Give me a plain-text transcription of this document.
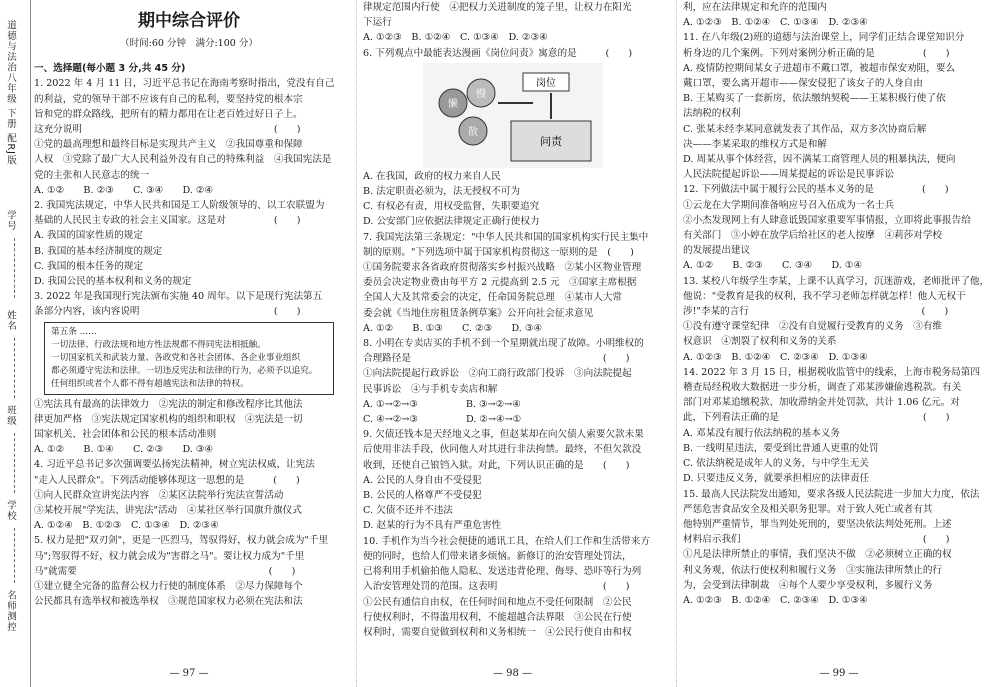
道德与法治八年级 下册 配RJ版
学号
姓名
班级
学校
名师测控
期中综合评价
（时间:60 分钟　满分:100 分）
一、选择题(每小题 3 分,共 45 分)
1. 2022 年 4 月 11 日，习近平总书记在海南考察时指出，党没有自己
的利益，党的领导干部不应该有自己的私利，要坚持党的根本宗
旨和党的群众路线，把所有的精力都用在让老百姓过好日子上。
这充分说明　　　　　　　　　　　　　　　　　　　　(　　)
①党的最高理想和最终目标是实现共产主义　②我国尊重和保障
人权　③党除了最广大人民利益外没有自己的特殊利益　④我国宪法是
党的主张和人民意志的统一
A. ①②　　B. ②③　　C. ③④　　D. ②④
2. 我国宪法规定，中华人民共和国是工人阶级领导的、以工农联盟为
基础的人民民主专政的社会主义国家。这是对　　　　　(　　)
A. 我国的国家性质的规定
B. 我国的基本经济制度的规定
C. 我国的根本任务的规定
D. 我国公民的基本权利和义务的规定
3. 2022 年是我国现行宪法颁布实施 40 周年。以下是现行宪法第五
条部分内容，该内容说明　　　　　　　　　　　　　　(　　)
第五条 ……
一切法律、行政法规和地方性法规都不得同宪法相抵触。
一切国家机关和武装力量、各政党和各社会团体、各企业事业组织
都必须遵守宪法和法律。一切违反宪法和法律的行为，必须予以追究。
任何组织或者个人都不得有超越宪法和法律的特权。
①宪法具有最高的法律效力　②宪法的制定和修改程序比其他法
律更加严格　③宪法规定国家机构的组织和职权　④宪法是一切
国家机关、社会团体和公民的根本活动准则
A. ①②　　B. ①④　　C. ②③　　D. ③④
4. 习近平总书记多次强调要弘扬宪法精神，树立宪法权威，让宪法
"走入人民群众"。下列活动能够体现这一思想的是　　　(　　)
①向人民群众宣讲宪法内容　②某区法院举行宪法宣誓活动
③某校开展"学宪法、讲宪法"活动　④某社区举行国旗升旗仪式
A. ①②④　B. ①②③　C. ①③④　D. ②③④
5. 权力是把"双刃剑"，更是一匹烈马，驾驭得好，权力就会成为"千里
马";驾驭得不好，权力就会成为"害群之马"。要让权力成为"千里
马"就需要　　　　　　　　　　　　　　　　　　　　(　　)
①建立健全完备的监督公权力行使的制度体系　②尽力保障每个
公民都具有选举权和被选举权　③规范国家权力必须在宪法和法
— 97 —
律规定范围内行使　④把权力关进制度的笼子里，让权力在阳光
下运行
A. ①②③　B. ①②④　C. ①③④　D. ②③④
6. 下列观点中最能表达漫画《岗位问责》寓意的是　　　(　　)
岗位
问责
懒
慢
散
A. 在我国，政府的权力来自人民
B. 法定职责必须为，法无授权不可为
C. 有权必有责，用权受监督，失职要追究
D. 公安部门应依据法律规定正确行使权力
7. 我国宪法第三条规定："中华人民共和国的国家机构实行民主集中
制的原则。"下列选项中属于国家机构贯彻这一原则的是　(　　)
①国务院要求各省政府贯彻落实乡村振兴战略　②某小区物业管理
委员会决定物业费由每平方 2 元提高到 2.5 元　③国家主席根据
全国人大及其常委会的决定，任命国务院总理　④某市人大常
委会就《当地住房租赁条例草案》公开向社会征求意见
A. ①②　　B. ①③　　C. ②③　　D. ③④
8. 小明在专卖店买的手机不到一个星期就出现了故障。小明维权的
合理路径是　　　　　　　　　　　　　　　　　　　　(　　)
①向法院提起行政诉讼　②向工商行政部门投诉　③向法院提起
民事诉讼　④与手机专卖店和解
A. ①→②→③　　　　　B. ③→②→④
C. ④→②→③　　　　　D. ②→④→①
9. 欠债还钱本是天经地义之事，但赵某却在向欠债人索要欠款未果
后使用非法手段，伙同他人对其进行非法拘禁。最终，不但欠款没
收到，还使自己锒铛入狱。对此，下列认识正确的是　　(　　)
A. 公民的人身自由不受侵犯
B. 公民的人格尊严不受侵犯
C. 欠债不还并不违法
D. 赵某的行为不具有严重危害性
10. 手机作为当今社会便捷的通讯工具，在给人们工作和生活带来方
便的同时，也给人们带来诸多烦恼。新修订的治安管理处罚法，
已将利用手机偷拍他人隐私、发送违背伦理、侮辱、恐吓等行为列
入治安管理处罚的范围。这表明　　　　　　　　　　　(　　)
①公民有通信自由权，在任何时间和地点不受任何限制　②公民
行使权利时，不得滥用权利，不能超越合法界限　③公民在行使
权利时，需要自觉做到权利和义务相统一　④公民行使自由和权
— 98 —
利，应在法律规定和允许的范围内
A. ①②③　B. ①②④　C. ①③④　D. ②③④
11. 在八年级(2)班的道德与法治课堂上，同学们正结合课堂知识分
析身边的几个案例。下列对案例分析正确的是　　　　　(　　)
A. 疫情防控期间某女子进超市不戴口罩，被超市保安劝阻，要么
戴口罩，要么离开超市——保安侵犯了该女子的人身自由
B. 王某购买了一套新房，依法缴纳契税——王某积极行使了依
法纳税的权利
C. 张某未经李某同意就发表了其作品，双方多次协商后解
决——李某采取的维权方式是和解
D. 周某从事个体经营，因不满某工商管理人员的粗暴执法，便向
人民法院提起诉讼——周某提起的诉讼是民事诉讼
12. 下列做法中属于履行公民的基本义务的是　　　　　(　　)
①云龙在大学期间准备响应号召入伍成为一名士兵
②小杰发现网上有人肆意诋毁国家重要军事情报，立即将此事报告给
有关部门　③小婷在放学后给社区的老人按摩　④莉莎对学校
的发展提出建议
A. ①②　　B. ②③　　C. ③④　　D. ①④
13. 某校八年级学生李某，上课不认真学习，沉迷游戏，老师批评了他，
他说："受教育是我的权利，我不学习老师怎样就怎样！他人无权干
涉!"李某的言行　　　　　　　　　　　　　　　　　　(　　)
①没有遵守课堂纪律　②没有自觉履行受教育的义务　③有维
权意识　④割裂了权利和义务的关系
A. ①②③　B. ①②④　C. ②③④　D. ①③④
14. 2022 年 3 月 15 日，根据税收监管中的线索，上海市税务局第四
稽查局经税收大数据进一步分析，调查了邓某涉嫌偷逃税款。有关
部门对邓某追缴税款、加收滞纳金并处罚款，共计 1.06 亿元。对
此，下列看法正确的是　　　　　　　　　　　　　　　(　　)
A. 邓某没有履行依法纳税的基本义务
B. 一线明星违法，要受到比普通人更重的处罚
C. 依法纳税是成年人的义务，与中学生无关
D. 只要违反义务，就要承担相应的法律责任
15. 最高人民法院发出通知，要求各级人民法院进一步加大力度，依法
严惩危害食品安全及相关职务犯罪。对于致人死亡或者有其
他特别严重情节，罪当判处死刑的，要坚决依法判处死刑。上述
材料启示我们　　　　　　　　　　　　　　　　　　　(　　)
①凡是法律所禁止的事情，我们坚决不做　②必须树立正确的权
利义务观，依法行使权利和履行义务　③实施法律所禁止的行
为，会受到法律制裁　④每个人要少享受权利，多履行义务
A. ①②③　B. ①②④　C. ②③④　D. ①③④
— 99 —
